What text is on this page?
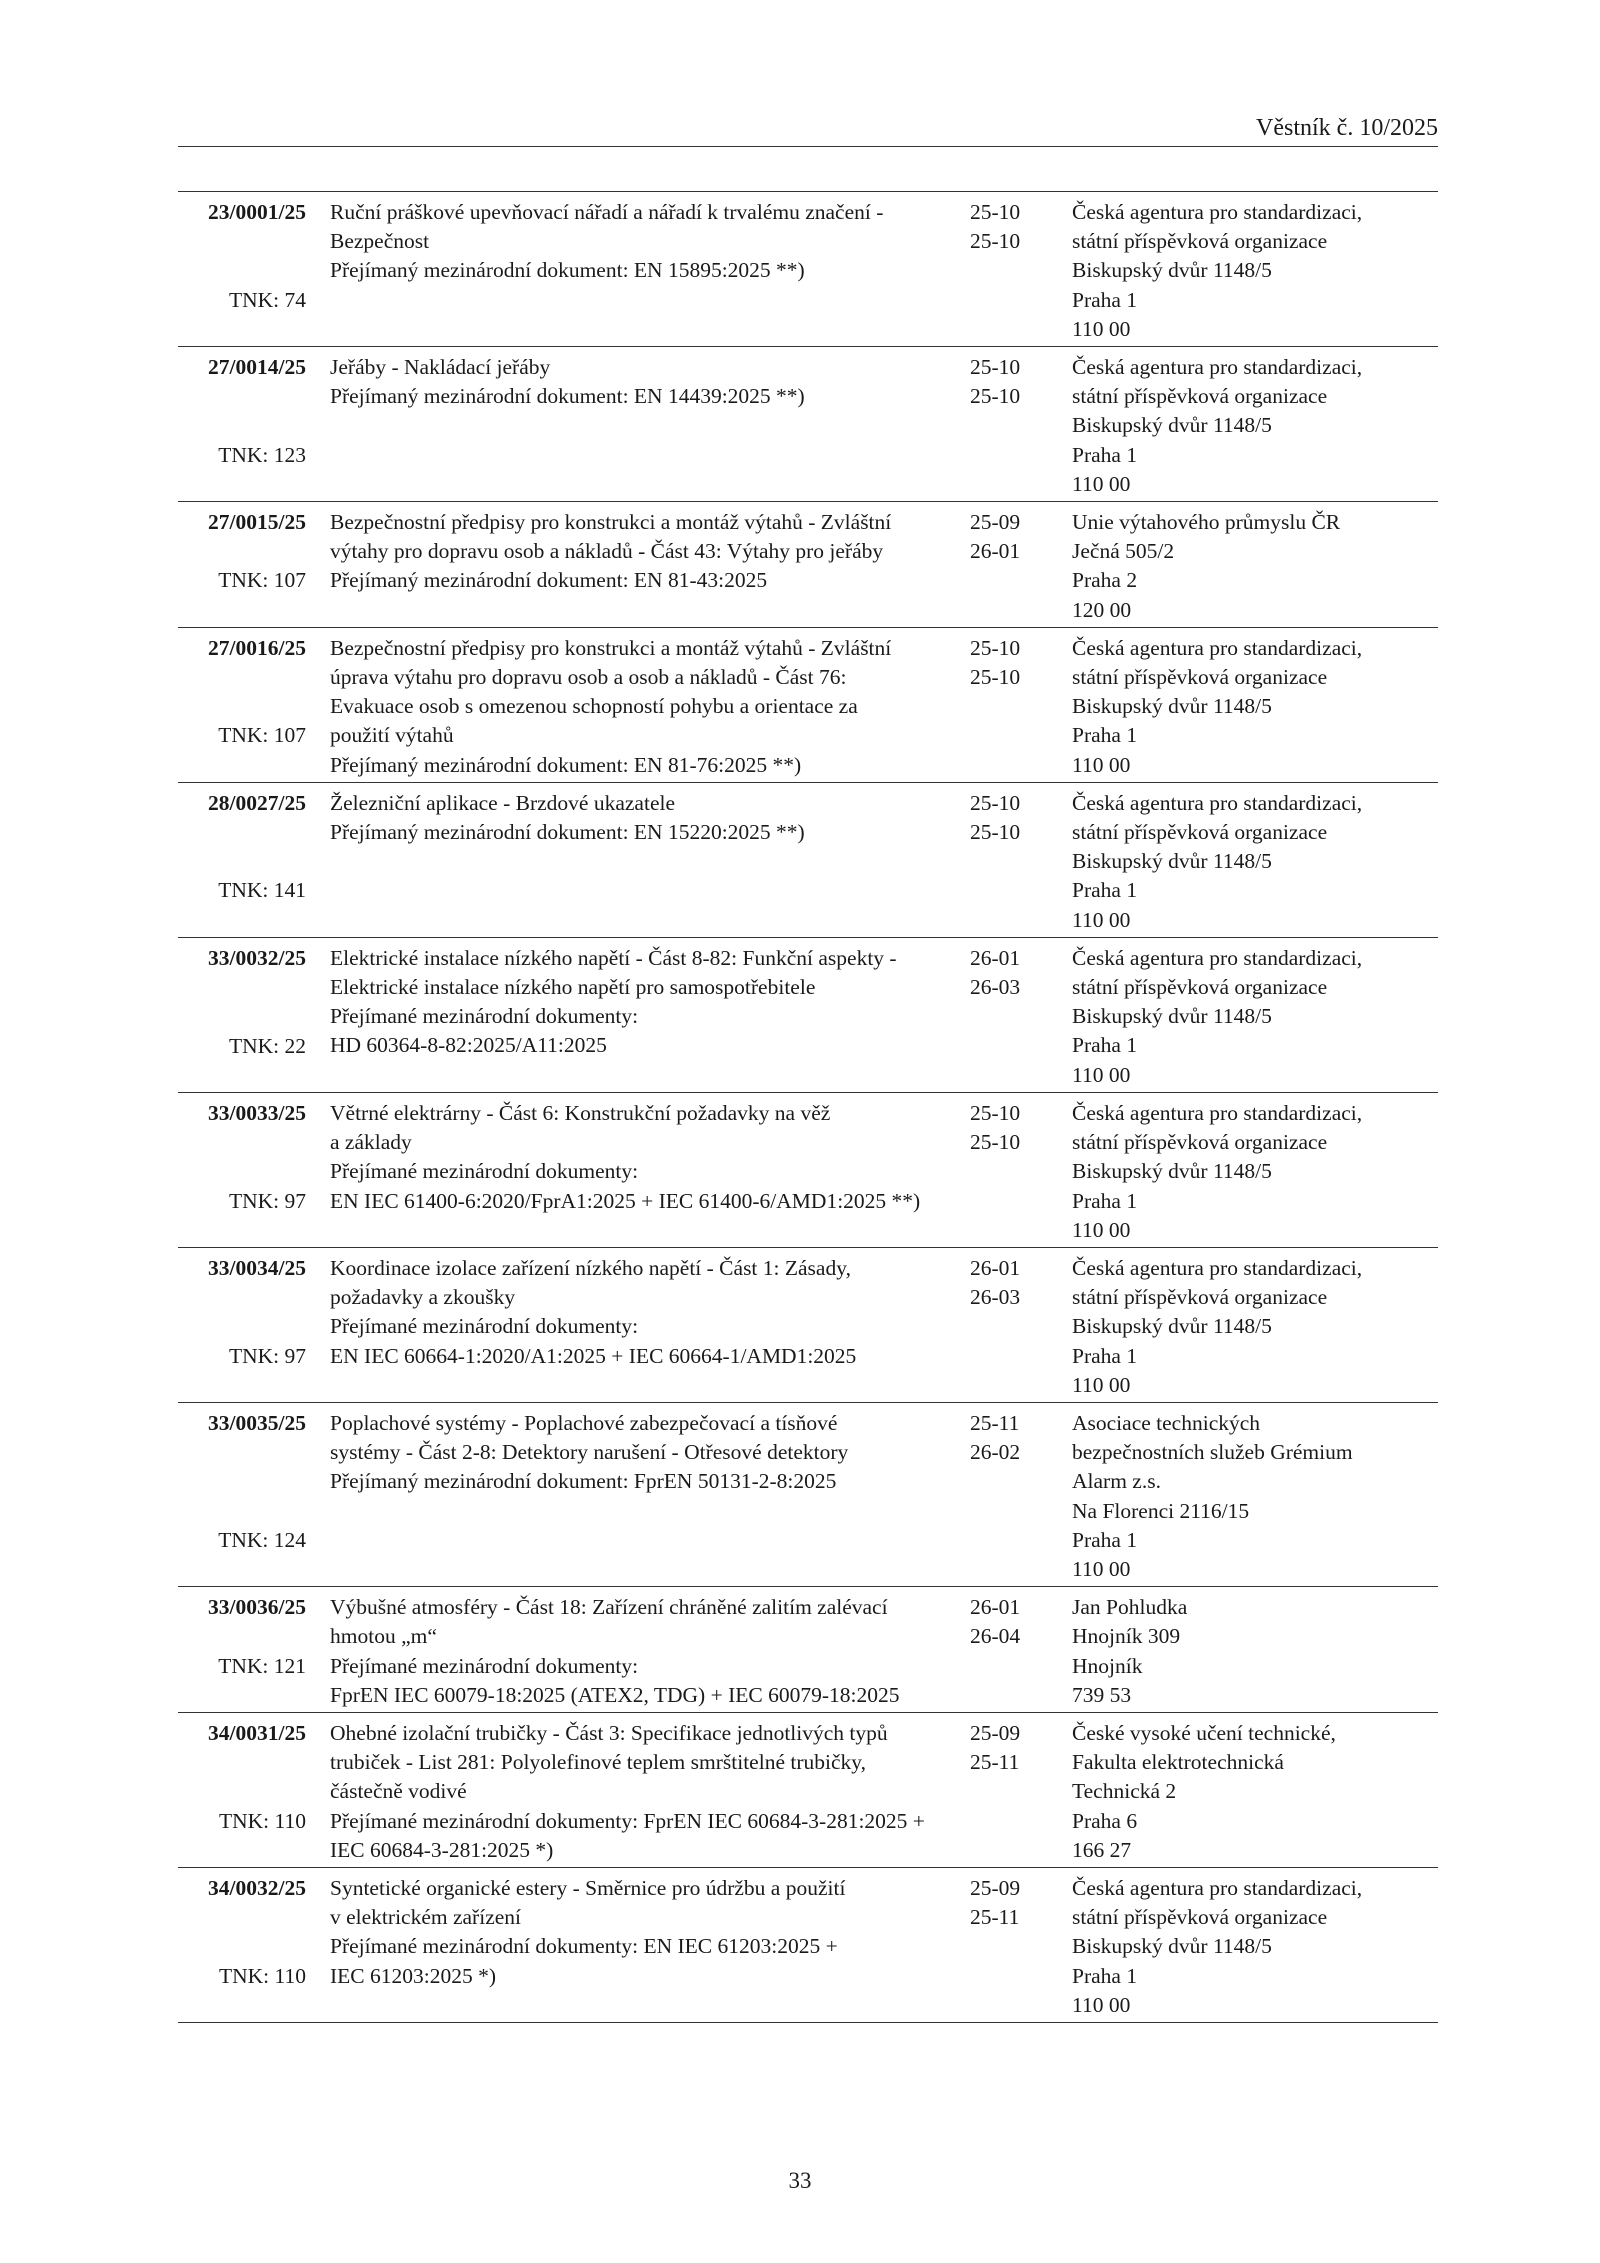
Věstník č. 10/2025
23/0001/25
TNK: 74
Ruční práškové upevňovací nářadí a nářadí k trvalému značení -
Bezpečnost
Přejímaný mezinárodní dokument: EN 15895:2025 **)
25-10
25-10
Česká agentura pro standardizaci,
státní příspěvková organizace
Biskupský dvůr 1148/5
Praha 1
110 00
27/0014/25
TNK: 123
Jeřáby - Nakládací jeřáby
Přejímaný mezinárodní dokument: EN 14439:2025 **)
25-10
25-10
Česká agentura pro standardizaci,
státní příspěvková organizace
Biskupský dvůr 1148/5
Praha 1
110 00
27/0015/25
TNK: 107
Bezpečnostní předpisy pro konstrukci a montáž výtahů - Zvláštní
výtahy pro dopravu osob a nákladů - Část 43: Výtahy pro jeřáby
Přejímaný mezinárodní dokument: EN 81-43:2025
25-09
26-01
Unie výtahového průmyslu ČR
Ječná 505/2
Praha 2
120 00
27/0016/25
TNK: 107
Bezpečnostní předpisy pro konstrukci a montáž výtahů - Zvláštní
úprava výtahu pro dopravu osob a osob a nákladů - Část 76:
Evakuace osob s omezenou schopností pohybu a orientace za
použití výtahů
Přejímaný mezinárodní dokument: EN 81-76:2025 **)
25-10
25-10
Česká agentura pro standardizaci,
státní příspěvková organizace
Biskupský dvůr 1148/5
Praha 1
110 00
28/0027/25
TNK: 141
Železniční aplikace - Brzdové ukazatele
Přejímaný mezinárodní dokument: EN 15220:2025 **)
25-10
25-10
Česká agentura pro standardizaci,
státní příspěvková organizace
Biskupský dvůr 1148/5
Praha 1
110 00
33/0032/25
TNK: 22
Elektrické instalace nízkého napětí - Část 8-82: Funkční aspekty -
Elektrické instalace nízkého napětí pro samospotřebitele
Přejímané mezinárodní dokumenty:
HD 60364-8-82:2025/A11:2025
26-01
26-03
Česká agentura pro standardizaci,
státní příspěvková organizace
Biskupský dvůr 1148/5
Praha 1
110 00
33/0033/25
TNK: 97
Větrné elektrárny - Část 6: Konstrukční požadavky na věž
a základy
Přejímané mezinárodní dokumenty:
EN IEC 61400-6:2020/FprA1:2025 + IEC 61400-6/AMD1:2025 **)
25-10
25-10
Česká agentura pro standardizaci,
státní příspěvková organizace
Biskupský dvůr 1148/5
Praha 1
110 00
33/0034/25
TNK: 97
Koordinace izolace zařízení nízkého napětí - Část 1: Zásady,
požadavky a zkoušky
Přejímané mezinárodní dokumenty:
EN IEC 60664-1:2020/A1:2025 + IEC 60664-1/AMD1:2025
26-01
26-03
Česká agentura pro standardizaci,
státní příspěvková organizace
Biskupský dvůr 1148/5
Praha 1
110 00
33/0035/25
TNK: 124
Poplachové systémy - Poplachové zabezpečovací a tísňové
systémy - Část 2-8: Detektory narušení - Otřesové detektory
Přejímaný mezinárodní dokument: FprEN 50131-2-8:2025
25-11
26-02
Asociace technických
bezpečnostních služeb Grémium
Alarm z.s.
Na Florenci 2116/15
Praha 1
110 00
33/0036/25
TNK: 121
Výbušné atmosféry - Část 18: Zařízení chráněné zalitím zalévací
hmotou „m“
Přejímané mezinárodní dokumenty:
FprEN IEC 60079-18:2025 (ATEX2, TDG) + IEC 60079-18:2025
26-01
26-04
Jan Pohludka
Hnojník 309
Hnojník
739 53
34/0031/25
TNK: 110
Ohebné izolační trubičky - Část 3: Specifikace jednotlivých typů
trubiček - List 281: Polyolefinové teplem smrštitelné trubičky,
částečně vodivé
Přejímané mezinárodní dokumenty: FprEN IEC 60684-3-281:2025 +
IEC 60684-3-281:2025 *)
25-09
25-11
České vysoké učení technické,
Fakulta elektrotechnická
Technická 2
Praha 6
166 27
34/0032/25
TNK: 110
Syntetické organické estery - Směrnice pro údržbu a použití
v elektrickém zařízení
Přejímané mezinárodní dokumenty: EN IEC 61203:2025 +
IEC 61203:2025 *)
25-09
25-11
Česká agentura pro standardizaci,
státní příspěvková organizace
Biskupský dvůr 1148/5
Praha 1
110 00
33
